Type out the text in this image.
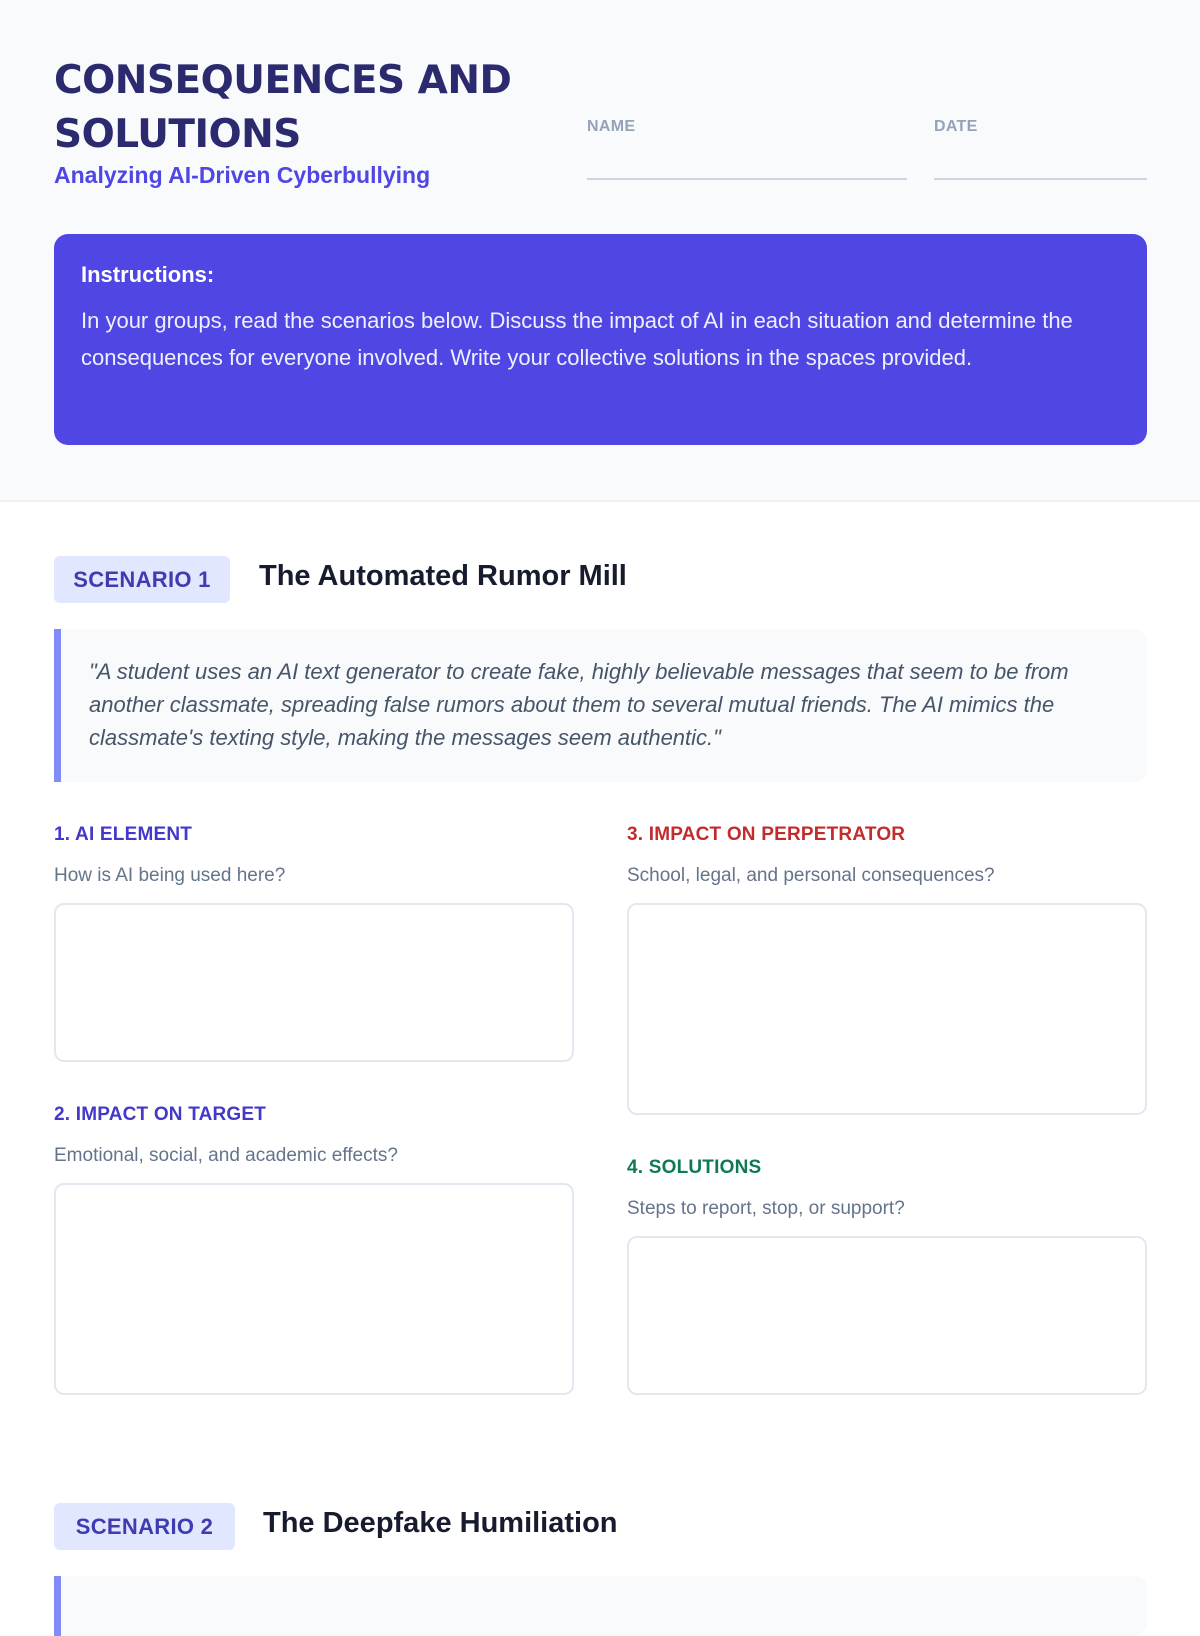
CONSEQUENCES AND SOLUTIONS
Analyzing AI-Driven Cyberbullying
NAME	DATE
Instructions:
In your groups, read the scenarios below. Discuss the impact of AI in each situation and determine the consequences for everyone involved. Write your collective solutions in the spaces provided.
SCENARIO 1	The Automated Rumor Mill
"A student uses an AI text generator to create fake, highly believable messages that seem to be from another classmate, spreading false rumors about them to several mutual friends. The AI mimics the classmate's texting style, making the messages seem authentic."
1. AI ELEMENT
How is AI being used here?
2. IMPACT ON TARGET
Emotional, social, and academic effects?
3. IMPACT ON PERPETRATOR
School, legal, and personal consequences?
4. SOLUTIONS
Steps to report, stop, or support?
SCENARIO 2	The Deepfake Humiliation
